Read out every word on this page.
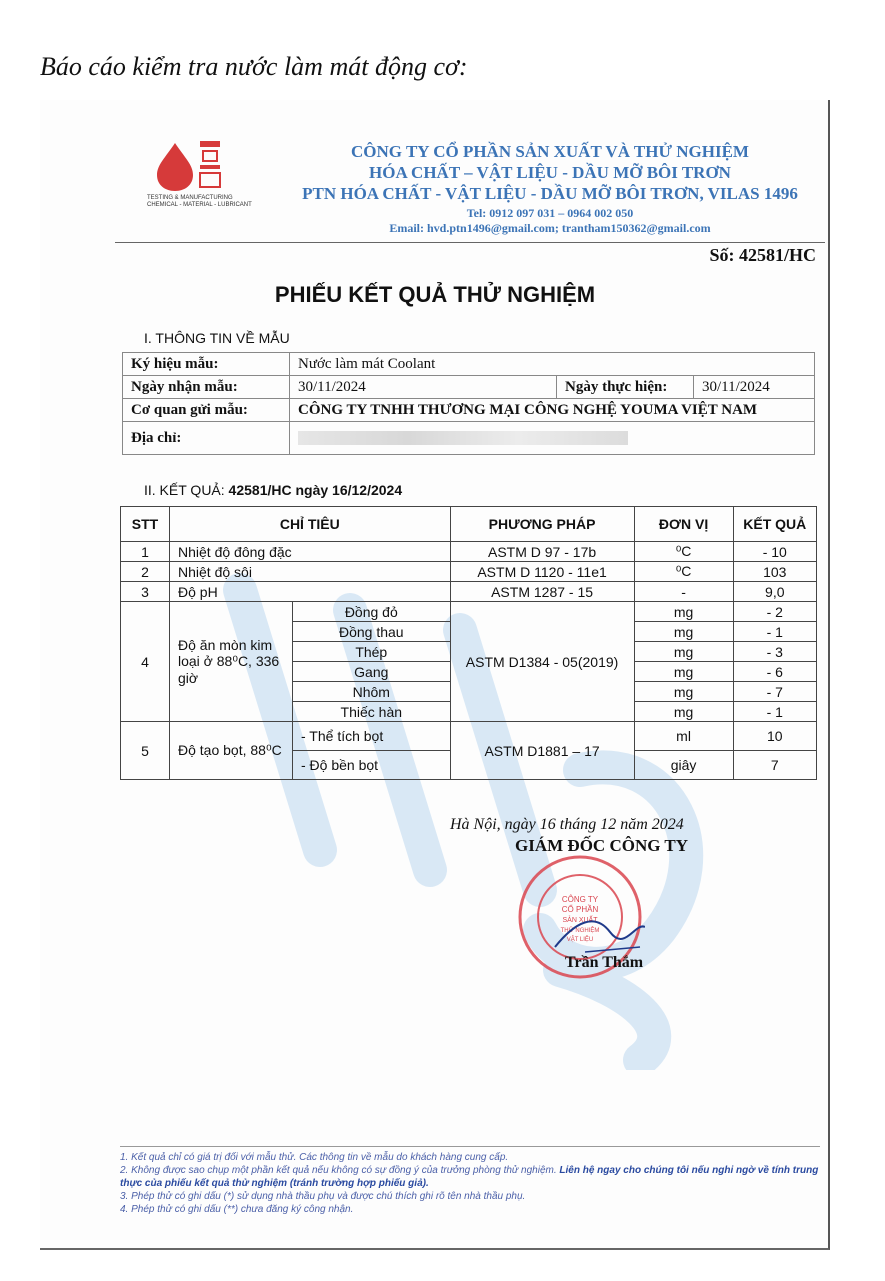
Báo cáo kiểm tra nước làm mát động cơ:
TESTING & MANUFACTURING
CHEMICAL - MATERIAL - LUBRICANT
CÔNG TY CỔ PHẦN SẢN XUẤT VÀ THỬ NGHIỆM
HÓA CHẤT – VẬT LIỆU - DẦU MỠ BÔI TRƠN
PTN HÓA CHẤT - VẬT LIỆU - DẦU MỠ BÔI TRƠN, VILAS 1496
Tel: 0912 097 031 – 0964 002 050
Email: hvd.ptn1496@gmail.com; trantham150362@gmail.com
Số: 42581/HC
PHIẾU KẾT QUẢ THỬ NGHIỆM
I. THÔNG TIN VỀ MẪU
Ký hiệu mẫu:	Nước làm mát Coolant		
Ngày nhận mẫu:	30/11/2024	Ngày thực hiện:	30/11/2024
Cơ quan gửi mẫu:	CÔNG TY TNHH THƯƠNG MẠI CÔNG NGHỆ YOUMA VIỆT NAM		
Địa chỉ:			
II. KẾT QUẢ: 42581/HC ngày 16/12/2024
STT	CHỈ TIÊU		PHƯƠNG PHÁP	ĐƠN VỊ	KẾT QUẢ
1	Nhiệt độ đông đặc		ASTM D 97 - 17b	⁰C	- 10
2	Nhiệt độ sôi		ASTM D 1120 - 11e1	⁰C	103
3	Độ pH		ASTM 1287 - 15	-	9,0
4	Độ ăn mòn kim loại ở 88⁰C, 336 giờ	Đồng đỏ	ASTM D1384 - 05(2019)	mg	- 2
		Đồng thau		mg	- 1
		Thép		mg	- 3
		Gang		mg	- 6
		Nhôm		mg	- 7
		Thiếc hàn		mg	- 1
5	Độ tạo bọt, 88⁰C	- Thể tích bọt	ASTM D1881 – 17	ml	10
		- Độ bền bọt		giây	7
Hà Nội, ngày 16 tháng 12 năm 2024
GIÁM ĐỐC CÔNG TY
CÔNG TY
CỔ PHẦN
SẢN XUẤT
THỬ NGHIỆM
VẬT LIỆU
Trần Thắm
1. Kết quả chỉ có giá trị đối với mẫu thử. Các thông tin về mẫu do khách hàng cung cấp.
2. Không được sao chụp một phần kết quả nếu không có sự đồng ý của trưởng phòng thử nghiệm. Liên hệ ngay cho chúng tôi nếu nghi ngờ về tính trung thực của phiếu kết quả thử nghiệm (tránh trường hợp phiếu giả).
3. Phép thử có ghi dấu (*) sử dụng nhà thầu phụ và được chú thích ghi rõ tên nhà thầu phụ.
4. Phép thử có ghi dấu (**) chưa đăng ký công nhận.
